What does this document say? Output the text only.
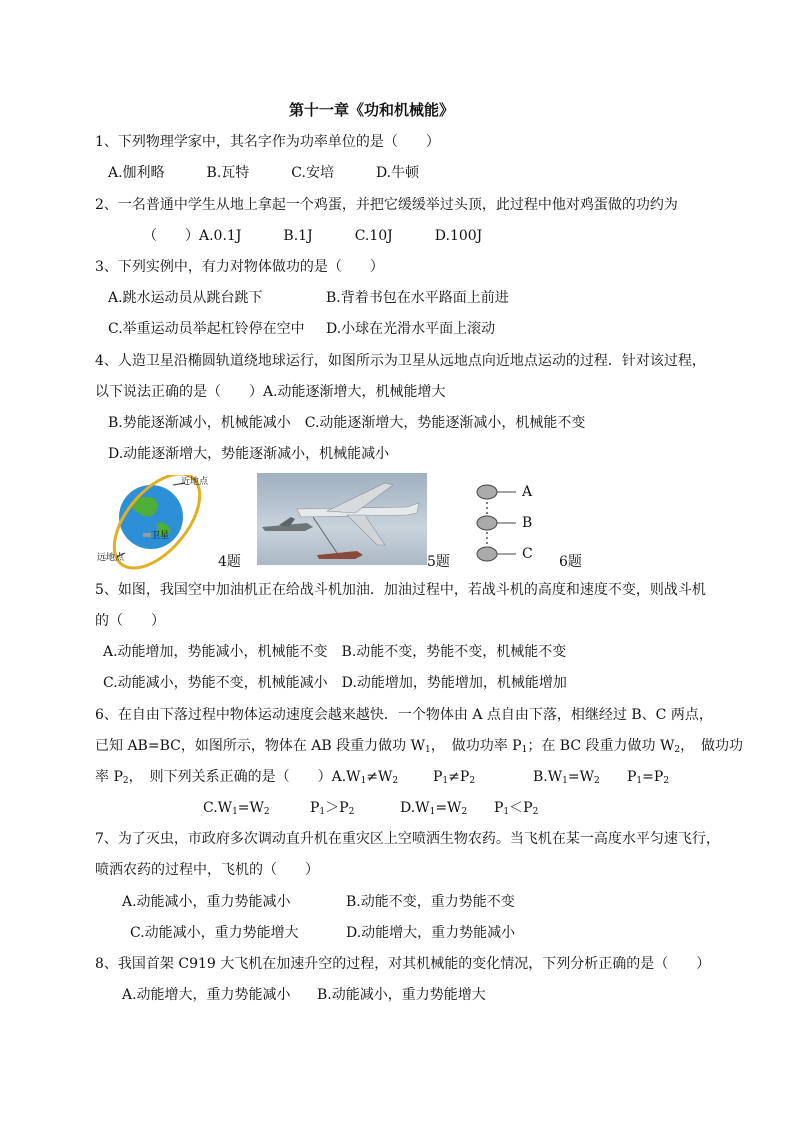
第十一章《功和机械能》
1、下列物理学家中，其名字作为功率单位的是（　　）
A.伽利略　　　B.瓦特　　　C.安培　　　D.牛顿
2、一名普通中学生从地上拿起一个鸡蛋，并把它缓缓举过头顶，此过程中他对鸡蛋做的功约为
（　　）A.0.1J　　　B.1J　　　C.10J　　　D.100J
3、下列实例中，有力对物体做功的是（　　）
A.跳水运动员从跳台跳下	B.背着书包在水平路面上前进
C.举重运动员举起杠铃停在空中 D.小球在光滑水平面上滚动
4、人造卫星沿椭圆轨道绕地球运行，如图所示为卫星从远地点向近地点运动的过程．针对该过程，
以下说法正确的是（　　）A.动能逐渐增大，机械能增大
B.势能逐渐减小，机械能减小　C.动能逐渐增大，势能逐渐减小，机械能不变
D.动能逐渐增大，势能逐渐减小，机械能减小
近地点
卫星
远地点	4题	5题
A
B
C 6题
5、如图，我国空中加油机正在给战斗机加油．加油过程中，若战斗机的高度和速度不变，则战斗机
的（　　）
A.动能增加，势能减小，机械能不变　B.动能不变，势能不变，机械能不变
C.动能减小，势能不变，机械能减小　D.动能增加，势能增加，机械能增加
6、在自由下落过程中物体运动速度会越来越快．一个物体由 A 点自由下落，相继经过 B、C 两点，
已知 AB=BC，如图所示，物体在 AB 段重力做功 $W_1$，　做功功率 $P_1$；在 BC 段重力做功 $W_2$，　做功功
率 $P_2$，　则下列关系正确的是（　　）$A.W_1\ne W_2$ $P_1\ne P_2$	$B.W_1=W_2$ $P_1=P_2$
$C.W_1=W_2$	$P_1>P_2$	$D.W_1=W_2$ $P_1<P_2$
7、为了灭虫，市政府多次调动直升机在重灾区上空喷洒生物农药。当飞机在某一高度水平匀速飞行，
喷洒农药的过程中，飞机的（　　）
A.动能减小，重力势能减小	B.动能不变，重力势能不变
C.动能减小，重力势能增大	D.动能增大，重力势能减小
8、我国首架 C919 大飞机在加速升空的过程，对其机械能的变化情况，下列分析正确的是（　　）
A.动能增大，重力势能减小 B.动能减小，重力势能增大
